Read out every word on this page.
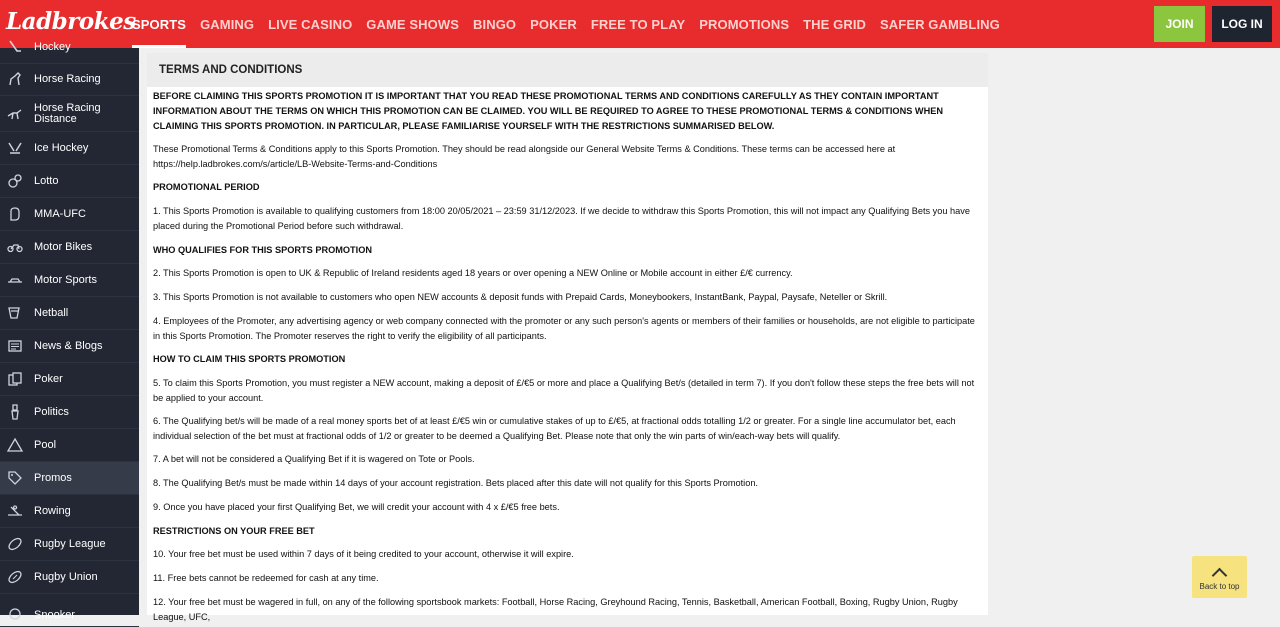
Ladbrokes
SPORTS GAMING LIVE CASINO GAME SHOWS BINGO POKER FREE TO PLAY PROMOTIONS THE GRID SAFER GAMBLING	JOIN	LOG IN
Hockey
Horse Racing
Horse Racing Distance
Ice Hockey
Lotto
MMA-UFC
Motor Bikes
Motor Sports
Netball
News & Blogs
Poker
Politics
Pool
Promos
Rowing
Rugby League
Rugby Union
Snooker
TERMS AND CONDITIONS
BEFORE CLAIMING THIS SPORTS PROMOTION IT IS IMPORTANT THAT YOU READ THESE PROMOTIONAL TERMS AND CONDITIONS CAREFULLY AS THEY CONTAIN IMPORTANT INFORMATION ABOUT THE TERMS ON WHICH THIS PROMOTION CAN BE CLAIMED. YOU WILL BE REQUIRED TO AGREE TO THESE PROMOTIONAL TERMS & CONDITIONS WHEN CLAIMING THIS SPORTS PROMOTION. IN PARTICULAR, PLEASE FAMILIARISE YOURSELF WITH THE RESTRICTIONS SUMMARISED BELOW.
These Promotional Terms & Conditions apply to this Sports Promotion. They should be read alongside our General Website Terms & Conditions. These terms can be accessed here at https://help.ladbrokes.com/s/article/LB-Website-Terms-and-Conditions
PROMOTIONAL PERIOD
1. This Sports Promotion is available to qualifying customers from 18:00 20/05/2021 – 23:59 31/12/2023. If we decide to withdraw this Sports Promotion, this will not impact any Qualifying Bets you have placed during the Promotional Period before such withdrawal.
WHO QUALIFIES FOR THIS SPORTS PROMOTION
2. This Sports Promotion is open to UK & Republic of Ireland residents aged 18 years or over opening a NEW Online or Mobile account in either £/€ currency.
3. This Sports Promotion is not available to customers who open NEW accounts & deposit funds with Prepaid Cards, Moneybookers, InstantBank, Paypal, Paysafe, Neteller or Skrill.
4. Employees of the Promoter, any advertising agency or web company connected with the promoter or any such person's agents or members of their families or households, are not eligible to participate in this Sports Promotion. The Promoter reserves the right to verify the eligibility of all participants.
HOW TO CLAIM THIS SPORTS PROMOTION
5. To claim this Sports Promotion, you must register a NEW account, making a deposit of £/€5 or more and place a Qualifying Bet/s (detailed in term 7). If you don't follow these steps the free bets will not be applied to your account.
6. The Qualifying bet/s will be made of a real money sports bet of at least £/€5 win or cumulative stakes of up to £/€5, at fractional odds totalling 1/2 or greater. For a single line accumulator bet, each individual selection of the bet must at fractional odds of 1/2 or greater to be deemed a Qualifying Bet. Please note that only the win parts of win/each-way bets will qualify.
7. A bet will not be considered a Qualifying Bet if it is wagered on Tote or Pools.
8. The Qualifying Bet/s must be made within 14 days of your account registration. Bets placed after this date will not qualify for this Sports Promotion.
9. Once you have placed your first Qualifying Bet, we will credit your account with 4 x £/€5 free bets.
RESTRICTIONS ON YOUR FREE BET
10. Your free bet must be used within 7 days of it being credited to your account, otherwise it will expire.
11. Free bets cannot be redeemed for cash at any time.
12. Your free bet must be wagered in full, on any of the following sportsbook markets: Football, Horse Racing, Greyhound Racing, Tennis, Basketball, American Football, Boxing, Rugby Union, Rugby League, UFC,
Back to top
